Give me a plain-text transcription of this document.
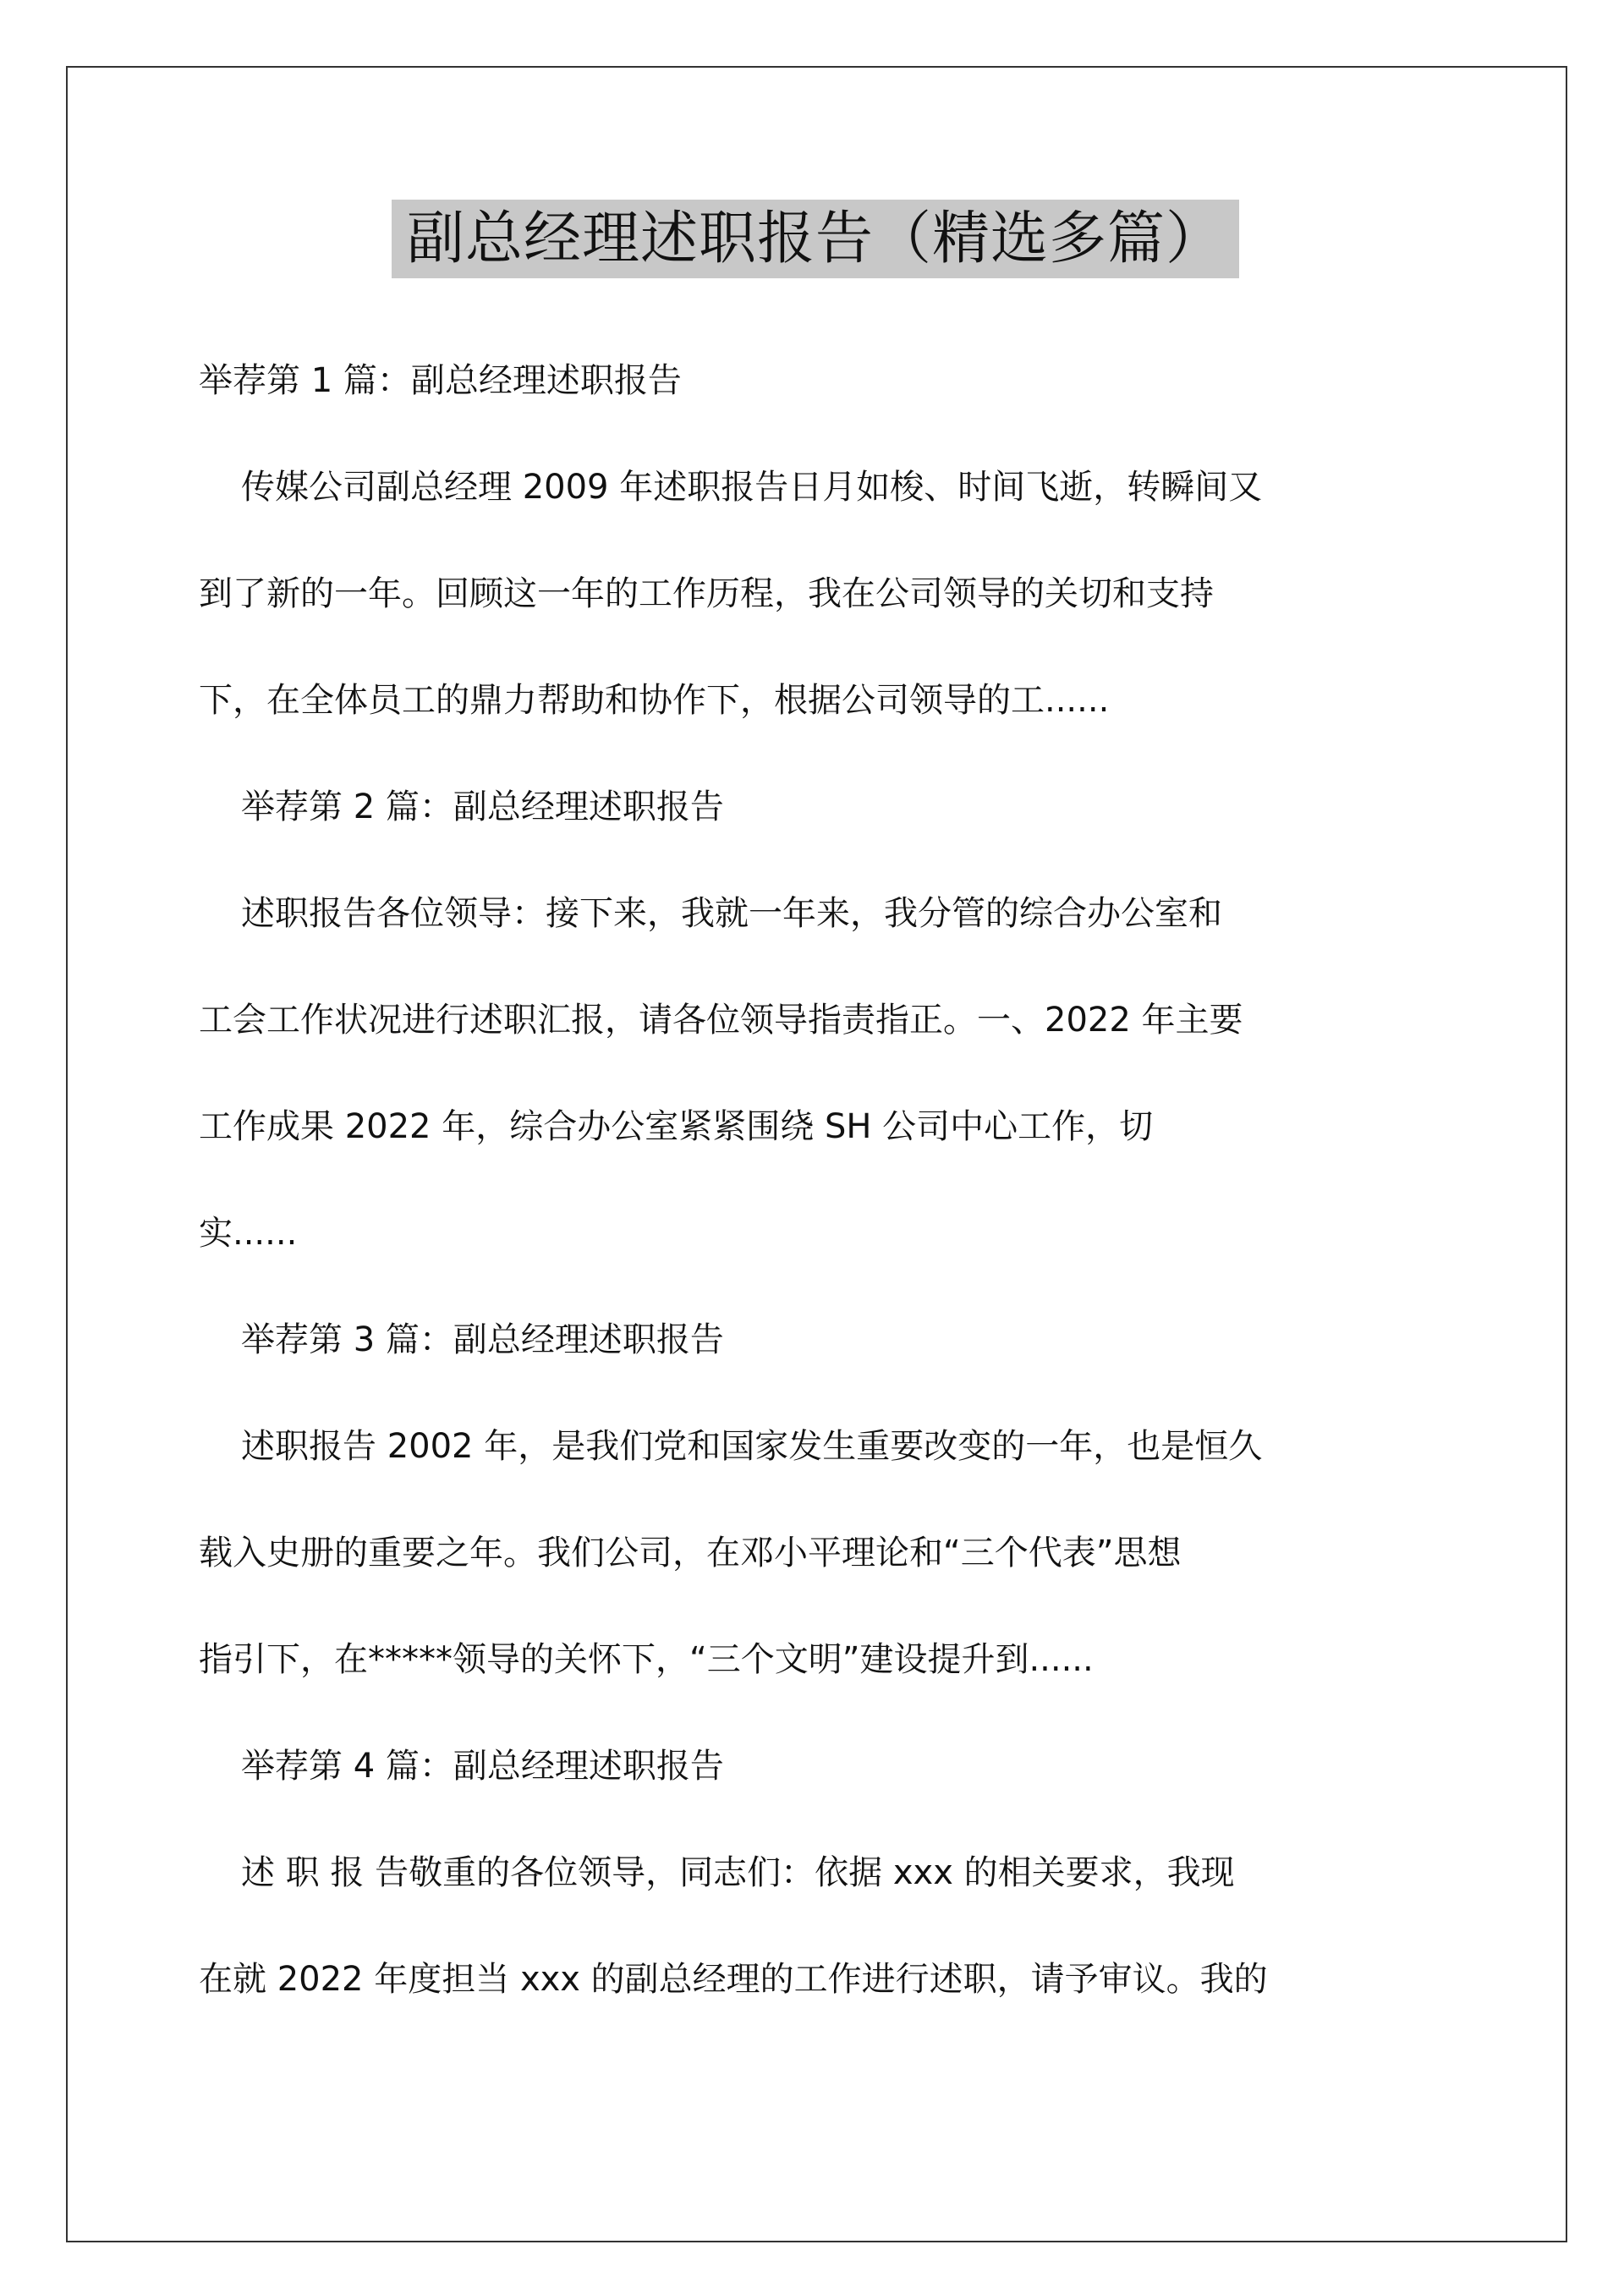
副总经理述职报告（精选多篇）
举荐第 1 篇：副总经理述职报告
传媒公司副总经理 2009 年述职报告日月如梭、时间飞逝，转瞬间又
到了新的一年。回顾这一年的工作历程，我在公司领导的关切和支持
下，在全体员工的鼎力帮助和协作下，根据公司领导的工......
举荐第 2 篇：副总经理述职报告
述职报告各位领导：接下来，我就一年来，我分管的综合办公室和
工会工作状况进行述职汇报，请各位领导指责指正。一、2022 年主要
工作成果 2022 年，综合办公室紧紧围绕 SH 公司中心工作，切
实......
举荐第 3 篇：副总经理述职报告
述职报告 2002 年，是我们党和国家发生重要改变的一年，也是恒久
载入史册的重要之年。我们公司，在邓小平理论和“三个代表”思想
指引下，在*****领导的关怀下，“三个文明”建设提升到......
举荐第 4 篇：副总经理述职报告
述 职 报 告敬重的各位领导，同志们：依据 xxx 的相关要求，我现
在就 2022 年度担当 xxx 的副总经理的工作进行述职，请予审议。我的
